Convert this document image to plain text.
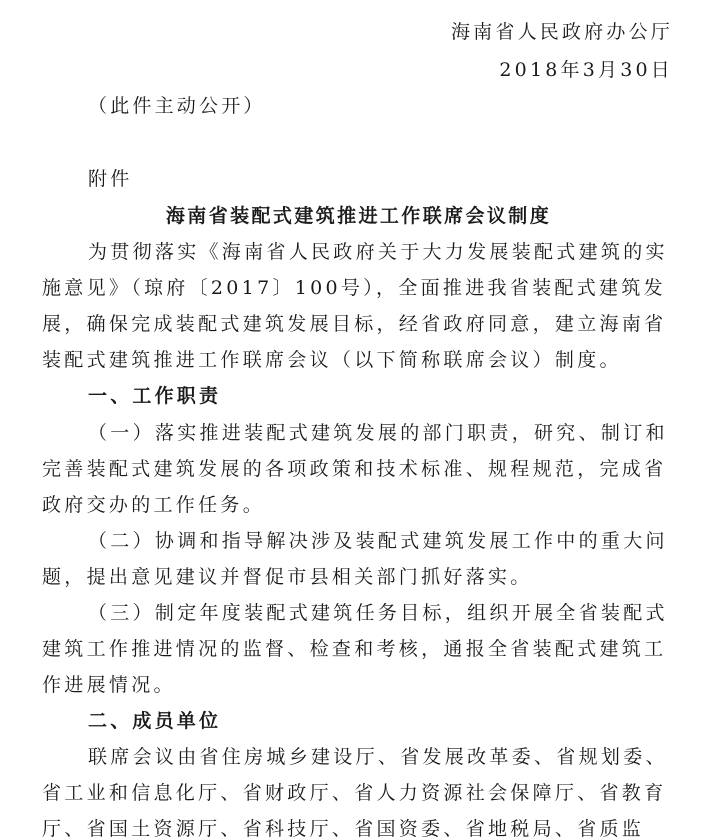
海南省人民政府办公厅
2018年3月30日
（此件主动公开）
附件
海南省装配式建筑推进工作联席会议制度
为贯彻落实《海南省人民政府关于大力发展装配式建筑的实
施意见》（琼府〔2017〕100号），全面推进我省装配式建筑发
展，确保完成装配式建筑发展目标，经省政府同意，建立海南省
装配式建筑推进工作联席会议（以下简称联席会议）制度。
一、工作职责
（一）落实推进装配式建筑发展的部门职责，研究、制订和
完善装配式建筑发展的各项政策和技术标准、规程规范，完成省
政府交办的工作任务。
（二）协调和指导解决涉及装配式建筑发展工作中的重大问
题，提出意见建议并督促市县相关部门抓好落实。
（三）制定年度装配式建筑任务目标，组织开展全省装配式
建筑工作推进情况的监督、检查和考核，通报全省装配式建筑工
作进展情况。
二、成员单位
联席会议由省住房城乡建设厅、省发展改革委、省规划委、
省工业和信息化厅、省财政厅、省人力资源社会保障厅、省教育
厅、省国土资源厅、省科技厅、省国资委、省地税局、省质监
